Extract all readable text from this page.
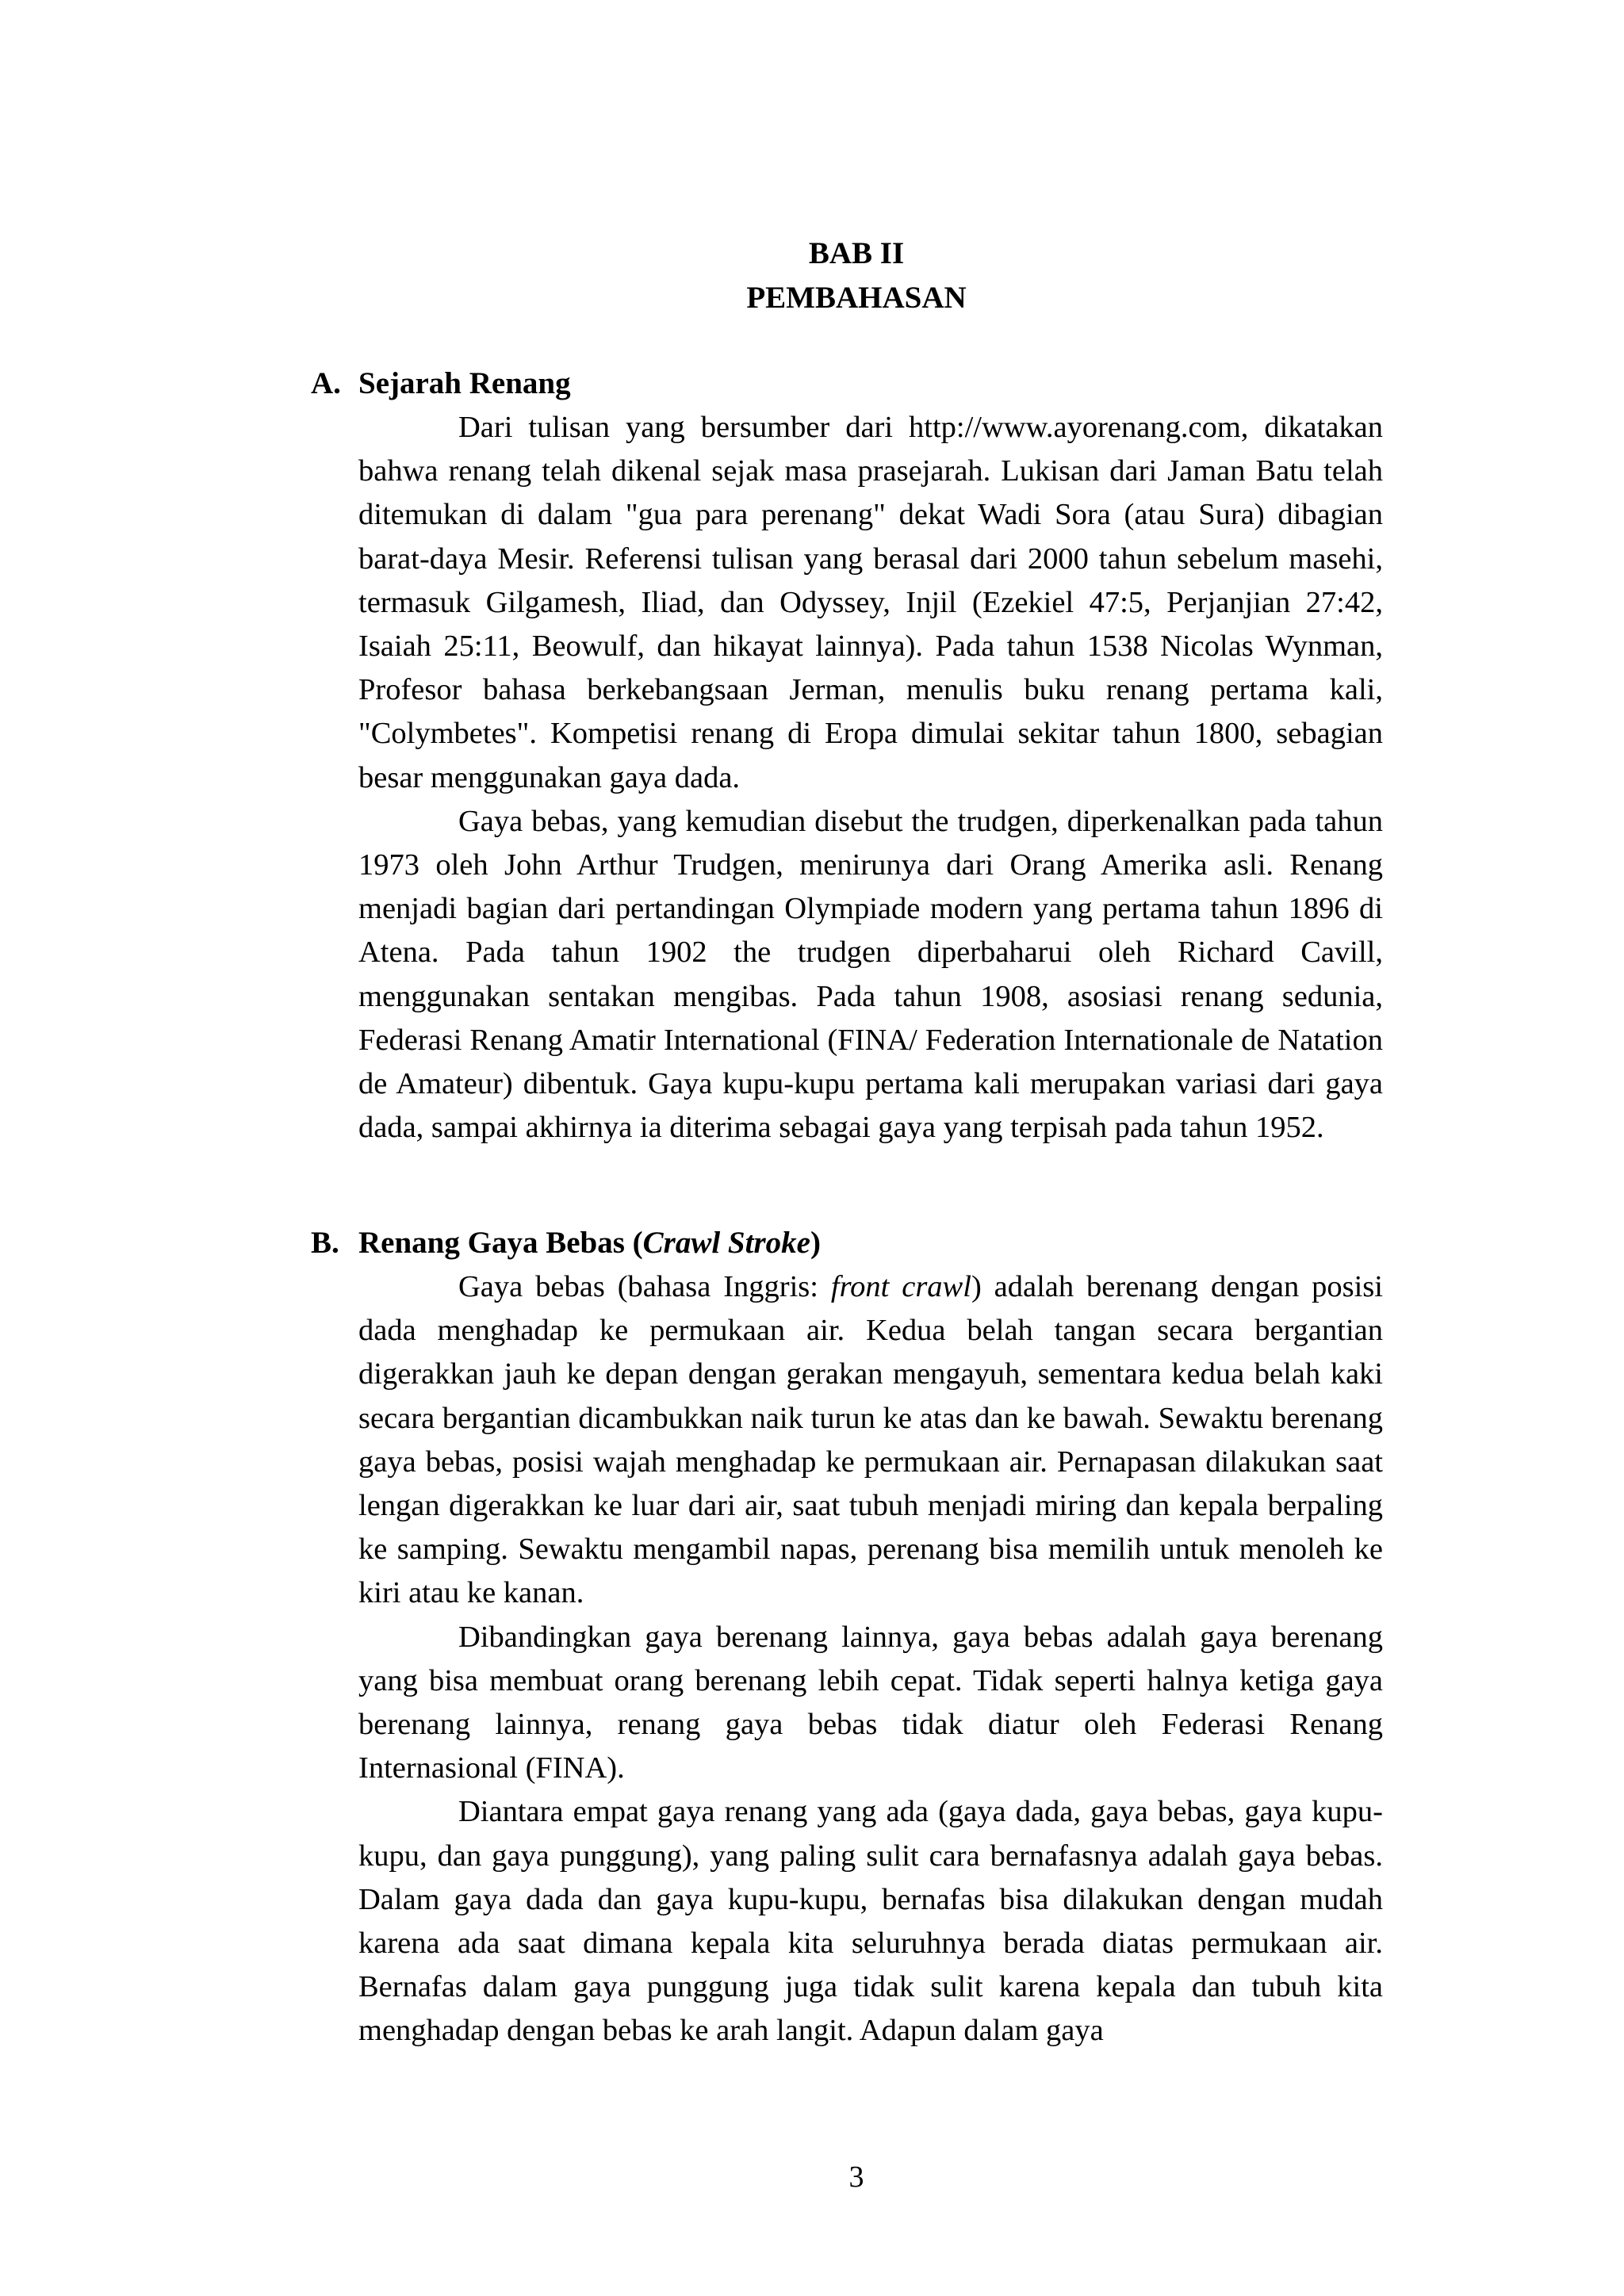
BAB II
PEMBAHASAN
A. Sejarah Renang

Dari tulisan yang bersumber dari http://www.ayorenang.com, dikatakan bahwa renang telah dikenal sejak masa prasejarah. Lukisan dari Jaman Batu telah ditemukan di dalam "gua para perenang" dekat Wadi Sora (atau Sura) dibagian barat-daya Mesir. Referensi tulisan yang berasal dari 2000 tahun sebelum masehi, termasuk Gilgamesh, Iliad, dan Odyssey, Injil (Ezekiel 47:5, Perjanjian 27:42, Isaiah 25:11, Beowulf, dan hikayat lainnya). Pada tahun 1538 Nicolas Wynman, Profesor bahasa berkebangsaan Jerman, menulis buku renang pertama kali, "Colymbetes". Kompetisi renang di Eropa dimulai sekitar tahun 1800, sebagian besar menggunakan gaya dada.

Gaya bebas, yang kemudian disebut the trudgen, diperkenalkan pada tahun 1973 oleh John Arthur Trudgen, menirunya dari Orang Amerika asli. Renang menjadi bagian dari pertandingan Olympiade modern yang pertama tahun 1896 di Atena. Pada tahun 1902 the trudgen diperbaharui oleh Richard Cavill, menggunakan sentakan mengibas. Pada tahun 1908, asosiasi renang sedunia, Federasi Renang Amatir International (FINA/ Federation Internationale de Natation de Amateur) dibentuk. Gaya kupu-kupu pertama kali merupakan variasi dari gaya dada, sampai akhirnya ia diterima sebagai gaya yang terpisah pada tahun 1952.

B. Renang Gaya Bebas (Crawl Stroke)

Gaya bebas (bahasa Inggris: front crawl) adalah berenang dengan posisi dada menghadap ke permukaan air. Kedua belah tangan secara bergantian digerakkan jauh ke depan dengan gerakan mengayuh, sementara kedua belah kaki secara bergantian dicambukkan naik turun ke atas dan ke bawah. Sewaktu berenang gaya bebas, posisi wajah menghadap ke permukaan air. Pernapasan dilakukan saat lengan digerakkan ke luar dari air, saat tubuh menjadi miring dan kepala berpaling ke samping. Sewaktu mengambil napas, perenang bisa memilih untuk menoleh ke kiri atau ke kanan.

Dibandingkan gaya berenang lainnya, gaya bebas adalah gaya berenang yang bisa membuat orang berenang lebih cepat. Tidak seperti halnya ketiga gaya berenang lainnya, renang gaya bebas tidak diatur oleh Federasi Renang Internasional (FINA).

Diantara empat gaya renang yang ada (gaya dada, gaya bebas, gaya kupu-kupu, dan gaya punggung), yang paling sulit cara bernafasnya adalah gaya bebas. Dalam gaya dada dan gaya kupu-kupu, bernafas bisa dilakukan dengan mudah karena ada saat dimana kepala kita seluruhnya berada diatas permukaan air. Bernafas dalam gaya punggung juga tidak sulit karena kepala dan tubuh kita menghadap dengan bebas ke arah langit. Adapun dalam gaya

3
